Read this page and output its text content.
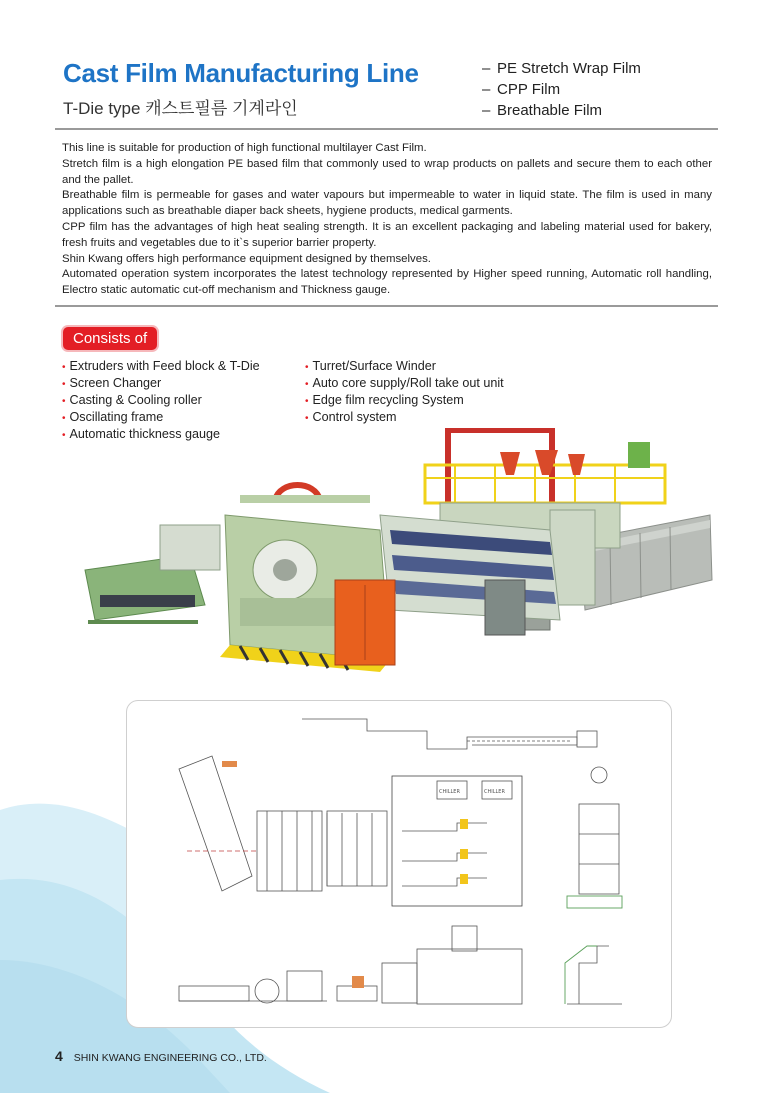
Cast Film Manufacturing Line
T-Die type 캐스트필름 기계라인
– PE Stretch Wrap Film
– CPP Film
– Breathable Film

This line is suitable for production of high functional multilayer Cast Film.

Stretch film is a high elongation PE based film that commonly used to wrap products on pallets and secure them to each other and the pallet.

Breathable film is permeable for gases and water vapours but impermeable to water in liquid state. The film is used in many applications such as breathable diaper back sheets, hygiene products, medical garments.

CPP film has the advantages of high heat sealing strength. It is an excellent packaging and labeling material used for bakery, fresh fruits and vegetables due to it`s superior barrier property.

Shin Kwang offers high performance equipment designed by themselves.

Automated operation system incorporates the latest technology represented by Higher speed running, Automatic roll handling, Electro static automatic cut-off mechanism and Thickness gauge.

Consists of
• Extruders with Feed block & T-Die
• Screen Changer
• Casting & Cooling roller
• Oscillating frame
• Automatic thickness gauge
• Turret/Surface Winder
• Auto core supply/Roll take out unit
• Edge film recycling System
• Control system
CHILLER	CHILLER
4 SHIN KWANG ENGINEERING CO., LTD.
